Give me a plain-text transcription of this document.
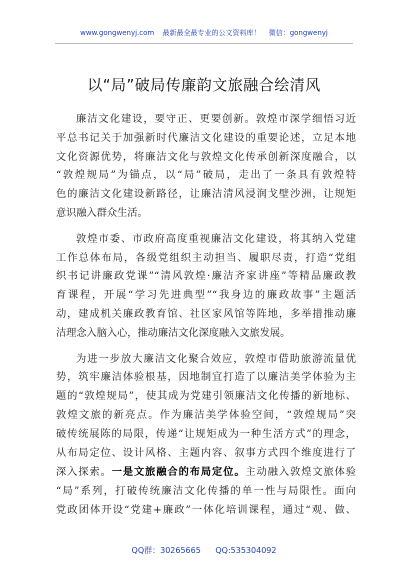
www.gongwenyj.com 最新最全最专业的公文资料库！ 微信：gongwenyj
以“局”破局传廉韵文旅融合绘清风

廉洁文化建设，要守正、更要创新。敦煌市深学细悟习近
平总书记关于加强新时代廉洁文化建设的重要论述，立足本地
文化资源优势，将廉洁文化与敦煌文化传承创新深度融合，以
“敦煌规局”为锚点，以“局”破局，走出了一条具有敦煌特
色的廉洁文化建设新路径，让廉洁清风浸润戈壁沙洲，让规矩
意识融入群众生活。

敦煌市委、市政府高度重视廉洁文化建设，将其纳入党建
工作总体布局，各级党组织主动担当、履职尽责，打造“党组
织书记讲廉政党课”“清风敦煌·廉洁齐家讲座”等精品廉政教
育课程，开展“学习先进典型”“我身边的廉政故事”主题活
动，建成机关廉政教育馆、社区家风馆等阵地，多举措推动廉
洁理念入脑入心，推动廉洁文化深度融入文旅发展。

为进一步放大廉洁文化聚合效应，敦煌市借助旅游流量优
势，筑牢廉洁体验根基，因地制宜打造了以廉洁美学体验为主
题的“敦煌规局”，使其成为党建引领廉洁文化传播的新地标、
敦煌文旅的新亮点。作为廉洁美学体验空间，“敦煌规局”突
破传统展陈的局限，传递“让规矩成为一种生活方式”的理念，
从布局定位、设计风格、主题内容、叙事方式四个维度进行了
深入探索。一是文旅融合的布局定位。主动融入敦煌文旅体验
“局”系列，打破传统廉洁文化传播的单一性与局限性。面向
党政团体开设“党建+廉政”一体化培训课程，通过“观、做、

QQ群：30265665 QQ:535304092
